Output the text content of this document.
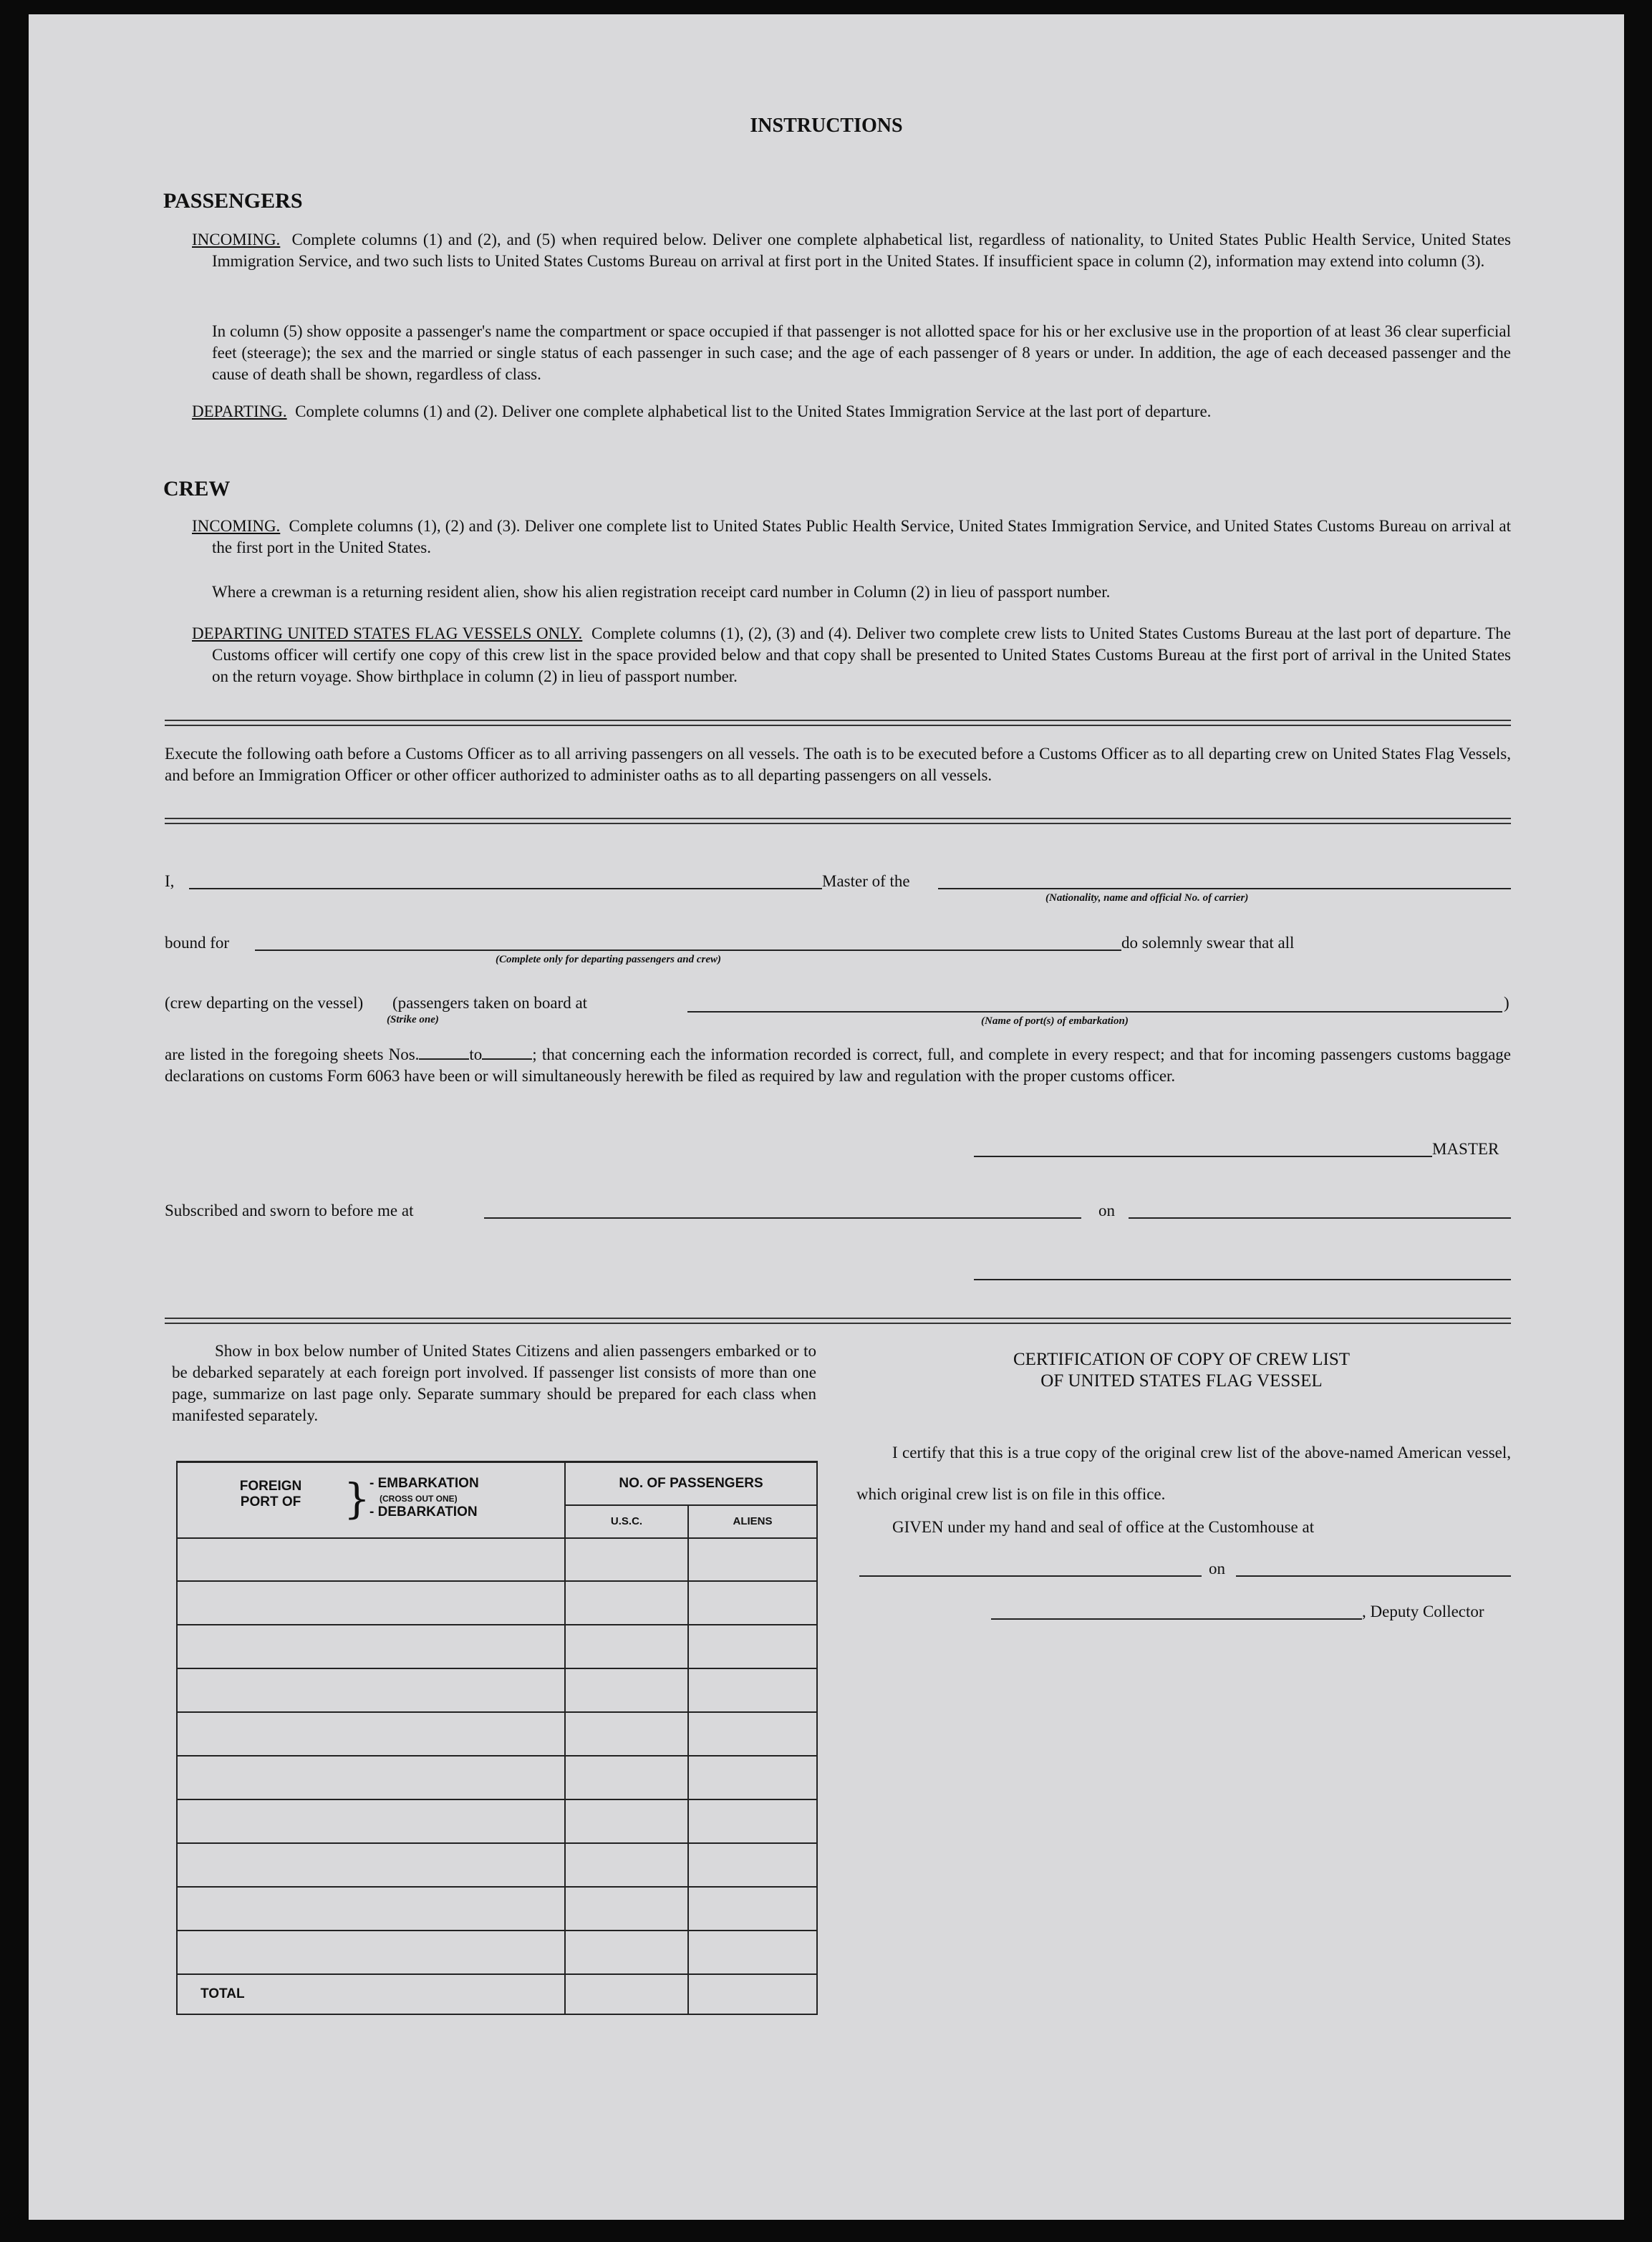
INSTRUCTIONS
PASSENGERS
INCOMING. Complete columns (1) and (2), and (5) when required below. Deliver one complete alphabetical list, regardless of nationality, to United States Public Health Service, United States Immigration Service, and two such lists to United States Customs Bureau on arrival at first port in the United States. If insufficient space in column (2), information may extend into column (3).
In column (5) show opposite a passenger's name the compartment or space occupied if that passenger is not allotted space for his or her exclusive use in the proportion of at least 36 clear superficial feet (steerage); the sex and the married or single status of each passenger in such case; and the age of each passenger of 8 years or under. In addition, the age of each deceased passenger and the cause of death shall be shown, regardless of class.
DEPARTING. Complete columns (1) and (2). Deliver one complete alphabetical list to the United States Immigration Service at the last port of departure.
CREW
INCOMING. Complete columns (1), (2) and (3). Deliver one complete list to United States Public Health Service, United States Immigration Service, and United States Customs Bureau on arrival at the first port in the United States.
Where a crewman is a returning resident alien, show his alien registration receipt card number in Column (2) in lieu of passport number.
DEPARTING UNITED STATES FLAG VESSELS ONLY. Complete columns (1), (2), (3) and (4). Deliver two complete crew lists to United States Customs Bureau at the last port of departure. The Customs officer will certify one copy of this crew list in the space provided below and that copy shall be presented to United States Customs Bureau at the first port of arrival in the United States on the return voyage. Show birthplace in column (2) in lieu of passport number.
Execute the following oath before a Customs Officer as to all arriving passengers on all vessels. The oath is to be executed before a Customs Officer as to all departing crew on United States Flag Vessels, and before an Immigration Officer or other officer authorized to administer oaths as to all departing passengers on all vessels.
I,	Master of the
(Nationality, name and official No. of carrier)
bound for
(Complete only for departing passengers and crew)
do solemnly swear that all
(crew departing on the vessel)
(Strike one)
(passengers taken on board at	)
(Name of port(s) of embarkation)
are listed in the foregoing sheets Nos.	to	; that concerning each the information recorded is correct, full, and complete in every respect; and that for incoming passengers customs baggage declarations on customs Form 6063 have been or will simultaneously herewith be filed as required by law and regulation with the proper customs officer.
MASTER
Subscribed and sworn to before me at	on
Show in box below number of United States Citizens and alien passengers embarked or to be debarked separately at each foreign port involved. If passenger list consists of more than one page, summarize on last page only. Separate summary should be prepared for each class when manifested separately.
FOREIGN PORT OF } - EMBARKATION
(CROSS OUT ONE)
- DEBARKATION	NO. OF PASSENGERS	
	U.S.C.	ALIENS

TOTAL		
CERTIFICATION OF COPY OF CREW LIST
OF UNITED STATES FLAG VESSEL
I certify that this is a true copy of the original crew list of the above-named American vessel, which original crew list is on file in this office.
GIVEN under my hand and seal of office at the Customhouse at
on
, Deputy Collector
